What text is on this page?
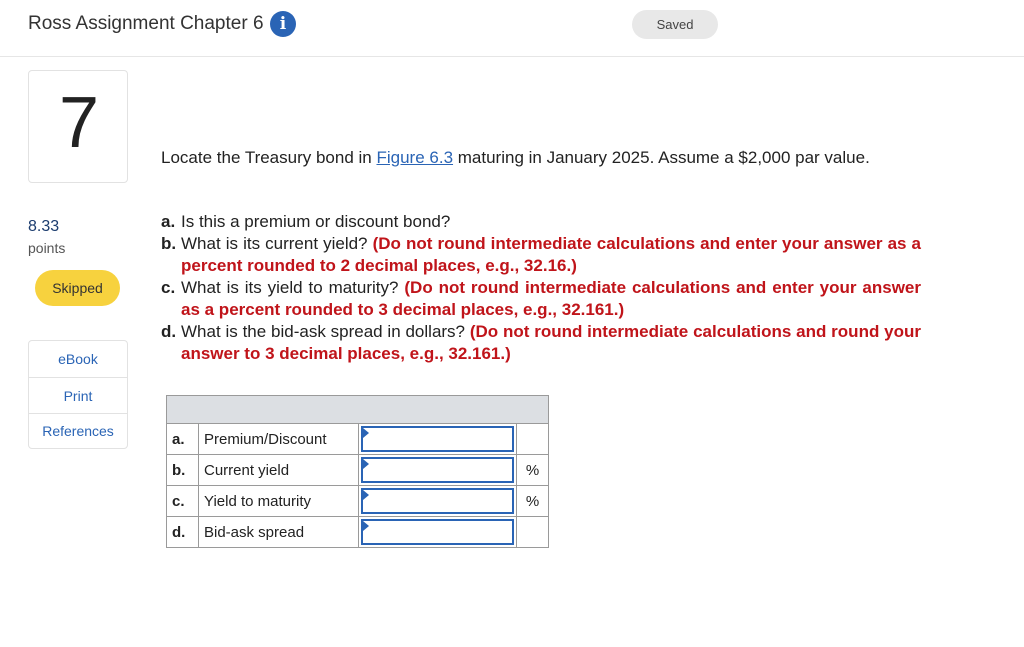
Ross Assignment Chapter 6 i	Saved
7
8.33
points
Skipped
eBook
Print
References
Locate the Treasury bond in Figure 6.3 maturing in January 2025. Assume a $2,000 par value.
a. Is this a premium or discount bond?
b. What is its current yield? (Do not round intermediate calculations and enter your answer as a percent rounded to 2 decimal places, e.g., 32.16.)
c. What is its yield to maturity? (Do not round intermediate calculations and enter your answer as a percent rounded to 3 decimal places, e.g., 32.161.)
d. What is the bid-ask spread in dollars? (Do not round intermediate calculations and round your answer to 3 decimal places, e.g., 32.161.)

a.	Premium/Discount	

b.	Current yield		%
c.	Yield to maturity		%
d.	Bid-ask spread	
